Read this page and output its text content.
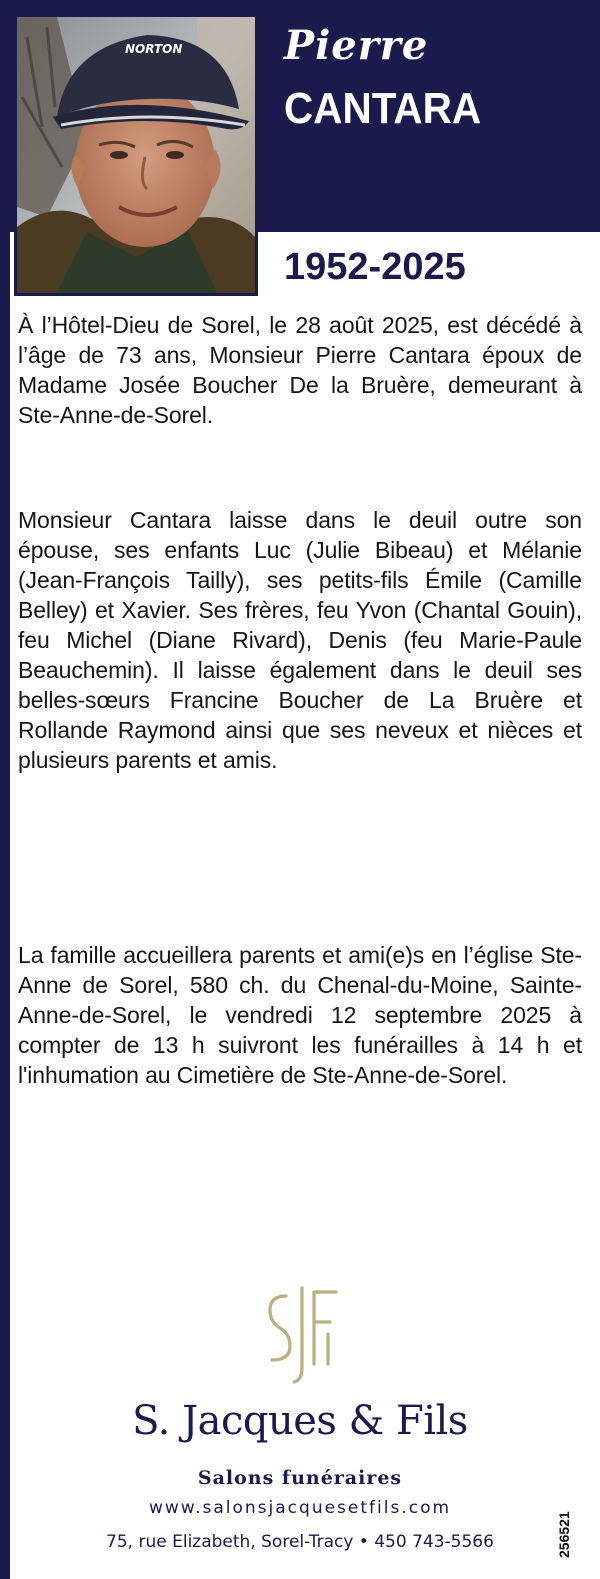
NORTON	Pierre
CANTARA
1952-2025

À l’Hôtel-Dieu de Sorel, le 28 août 2025, est décédé à l’âge de 73 ans, Monsieur Pierre Cantara époux de Madame Josée Boucher De la Bruère, demeurant à Ste-Anne-de-Sorel.

Monsieur Cantara laisse dans le deuil outre son épouse, ses enfants Luc (Julie Bibeau) et Mélanie (Jean-François Tailly), ses petits-fils Émile (Camille Belley) et Xavier. Ses frères, feu Yvon (Chantal Gouin), feu Michel (Diane Rivard), Denis (feu Marie-Paule Beauchemin). Il laisse également dans le deuil ses belles-sœurs Francine Boucher de La Bruère et Rollande Raymond ainsi que ses neveux et nièces et plusieurs parents et amis.

La famille accueillera parents et ami(e)s en l’église Ste-Anne de Sorel, 580 ch. du Chenal-du-Moine, Sainte-Anne-de-Sorel, le vendredi 12 septembre 2025 à compter de 13 h suivront les funérailles à 14 h et l'inhumation au Cimetière de Ste-Anne-de-Sorel.

SJF
S. Jacques & Fils
Salons funéraires
www.salonsjacquesetfils.com
75, rue Elizabeth, Sorel-Tracy • 450 743-5566	256521
